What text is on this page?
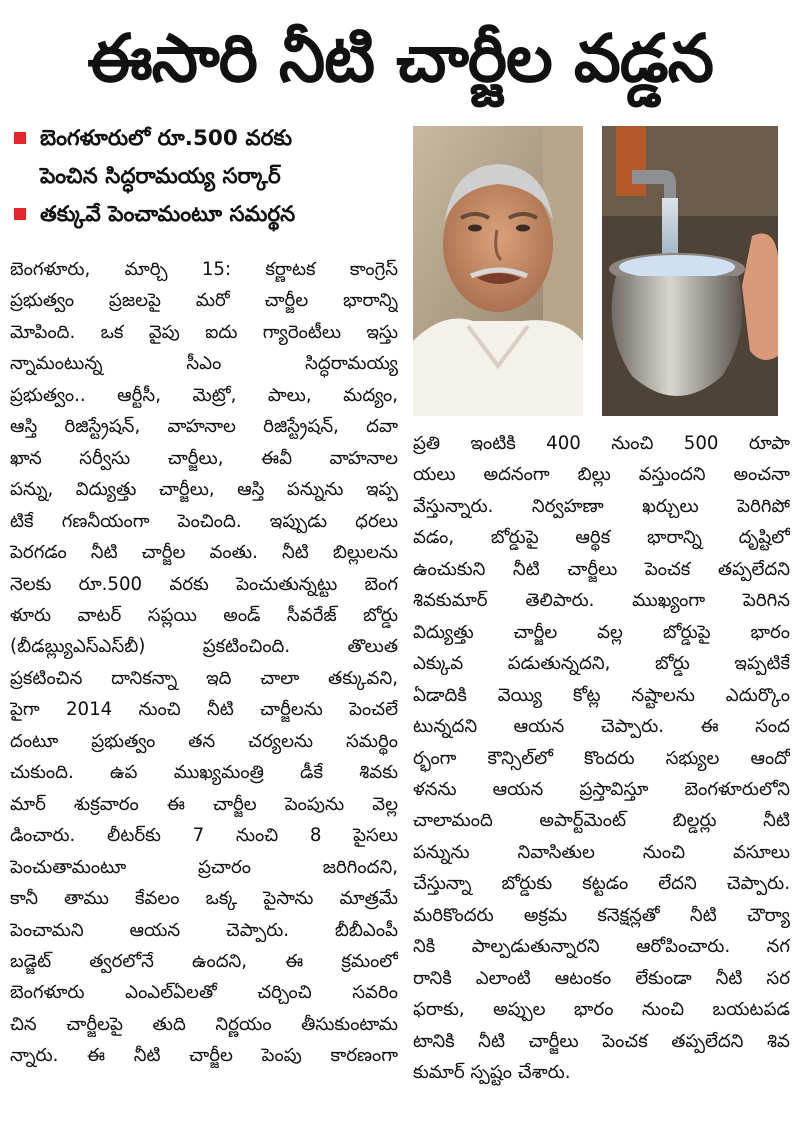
ఈసారి నీటి చార్జీల వడ్డన
బెంగళూరులో రూ.500 వరకు
పెంచిన సిద్ధరామయ్య సర్కార్
తక్కువే పెంచామంటూ సమర్థన
బెంగళూరు, మార్చి 15: కర్ణాటక కాంగ్రెస్
ప్రభుత్వం ప్రజలపై మరో చార్జీల భారాన్ని
మోపింది. ఒక వైపు ఐదు గ్యారెంటీలు ఇస్తు
న్నామంటున్న సీఎం సిద్ధరామయ్య
ప్రభుత్వం.. ఆర్టీసీ, మెట్రో, పాలు, మద్యం,
ఆస్తి రిజిస్ట్రేషన్, వాహనాల రిజిస్ట్రేషన్, దవా
ఖాన సర్వీసు చార్జీలు, ఈవీ వాహనాల
పన్ను, విద్యుత్తు చార్జీలు, ఆస్తి పన్నును ఇప్ప
టికే గణనీయంగా పెంచింది. ఇప్పుడు ధరలు
పెరగడం నీటి చార్జీల వంతు. నీటి బిల్లులను
నెలకు రూ.500 వరకు పెంచుతున్నట్టు బెంగ
ళూరు వాటర్ సప్లయి అండ్ సీవరేజ్ బోర్డు
(బీడబ్ల్యుఎస్ఎస్‌బీ) ప్రకటించింది. తొలుత
ప్రకటించిన దానికన్నా ఇది చాలా తక్కువని,
పైగా 2014 నుంచి నీటి చార్జీలను పెంచలే
దంటూ ప్రభుత్వం తన చర్యలను సమర్థిం
చుకుంది. ఉప ముఖ్యమంత్రి డీకే శివకు
మార్ శుక్రవారం ఈ చార్జీల పెంపును వెల్ల
డించారు. లీటర్‌కు 7 నుంచి 8 పైసలు
పెంచుతామంటూ ప్రచారం జరిగిందని,
కానీ తాము కేవలం ఒక్క పైసాను మాత్రమే
పెంచామని ఆయన చెప్పారు. బీబీఎంపీ
బడ్జెట్ త్వరలోనే ఉందని, ఈ క్రమంలో
బెంగళూరు ఎంఎల్‌ఏలతో చర్చించి సవరిం
చిన చార్జీలపై తుది నిర్ణయం తీసుకుంటామ
న్నారు. ఈ నీటి చార్జీల పెంపు కారణంగా
ప్రతి ఇంటికి 400 నుంచి 500 రూపా
యలు అదనంగా బిల్లు వస్తుందని అంచనా
వేస్తున్నారు. నిర్వహణా ఖర్చులు పెరిగిపో
వడం, బోర్డుపై ఆర్థిక భారాన్ని దృష్టిలో
ఉంచుకుని నీటి చార్జీలు పెంచక తప్పలేదని
శివకుమార్ తెలిపారు. ముఖ్యంగా పెరిగిన
విద్యుత్తు చార్జీల వల్ల బోర్డుపై భారం
ఎక్కువ పడుతున్నదని, బోర్డు ఇప్పటికే
ఏడాదికి వెయ్యి కోట్ల నష్టాలను ఎదుర్కొం
టున్నదని ఆయన చెప్పారు. ఈ సంద
ర్భంగా కౌన్సిల్‌లో కొందరు సభ్యుల ఆందో
ళనను ఆయన ప్రస్తావిస్తూ బెంగళూరులోని
చాలామంది అపార్ట్‌మెంట్ బిల్డర్లు నీటి
పన్నును నివాసితుల నుంచి వసూలు
చేస్తున్నా బోర్డుకు కట్టడం లేదని చెప్పారు.
మరికొందరు అక్రమ కనెక్షన్లతో నీటి చౌర్యా
నికి పాల్పడుతున్నారని ఆరోపించారు. నగ
రానికి ఎలాంటి ఆటంకం లేకుండా నీటి సర
ఫరాకు, అప్పుల భారం నుంచి బయటపడ
టానికి నీటి చార్జీలు పెంచక తప్పలేదని శివ
కుమార్ స్పష్టం చేశారు.
